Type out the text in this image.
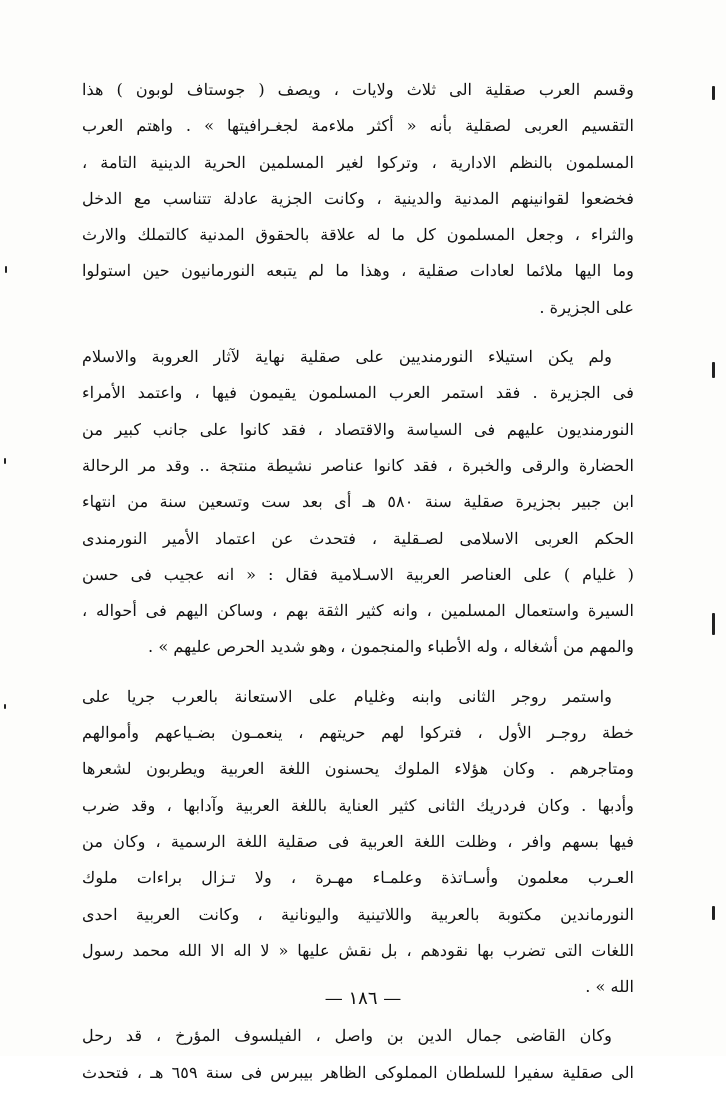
وقسم العرب صقلية الى ثلاث ولايات ، ويصف ( جوستاف لوبون ) هذا
التقسيم العربى لصقلية بأنه « أكثر ملاءمة لجغـرافيتها » . واهتم العرب
المسلمون بالنظم الادارية ، وتركوا لغير المسلمين الحرية الدينية التامة ،
فخضعوا لقوانينهم المدنية والدينية ، وكانت الجزية عادلة تتناسب مع الدخل
والثراء ، وجعل المسلمون كل ما له علاقة بالحقوق المدنية كالتملك والارث
وما اليها ملائما لعادات صقلية ، وهذا ما لم يتبعه النورمانيون حين استولوا
على الجزيرة .
ولم يكن استيلاء النورمنديين على صقلية نهاية لآثار العروبة والاسلام
فى الجزيرة . فقد استمر العرب المسلمون يقيمون فيها ، واعتمد الأمراء
النورمنديون عليهم فى السياسة والاقتصاد ، فقد كانوا على جانب كبير من
الحضارة والرقى والخبرة ، فقد كانوا عناصر نشيطة منتجة .. وقد مر الرحالة
ابن جبير بجزيرة صقلية سنة ٥٨٠ هـ أى بعد ست وتسعين سنة من انتهاء
الحكم العربى الاسلامى لصـقلية ، فتحدث عن اعتماد الأمير النورمندى
( غليام ) على العناصر العربية الاسـلامية فقال : « انه عجيب فى حسن
السيرة واستعمال المسلمين ، وانه كثير الثقة بهم ، وساكن اليهم فى أحواله ،
والمهم من أشغاله ، وله الأطباء والمنجمون ، وهو شديد الحرص عليهم » .
واستمر روجر الثانى وابنه وغليام على الاستعانة بالعرب جريا على
خطة روجـر الأول ، فتركوا لهم حريتهم ، ينعمـون بضـياعهم وأموالهم
ومتاجرهم . وكان هؤلاء الملوك يحسنون اللغة العربية ويطربون لشعرها
وأدبها . وكان فردريك الثانى كثير العناية باللغة العربية وآدابها ، وقد ضرب
فيها بسهم وافر ، وظلت اللغة العربية فى صقلية اللغة الرسمية ، وكان من
العـرب معلمون وأسـاتذة وعلمـاء مهـرة ، ولا تـزال براءات ملوك
النورماندين مكتوبة بالعربية واللاتينية واليونانية ، وكانت العربية احدى
اللغات التى تضرب بها نقودهم ، بل نقش عليها « لا اله الا الله محمد رسول
الله » .
وكان القاضى جمال الدين بن واصل ، الفيلسوف المؤرخ ، قد رحل
الى صقلية سفيرا للسلطان المملوكى الظاهر بيبرس فى سنة ٦٥٩ هـ ، فتحدث
— ١٨٦ —
